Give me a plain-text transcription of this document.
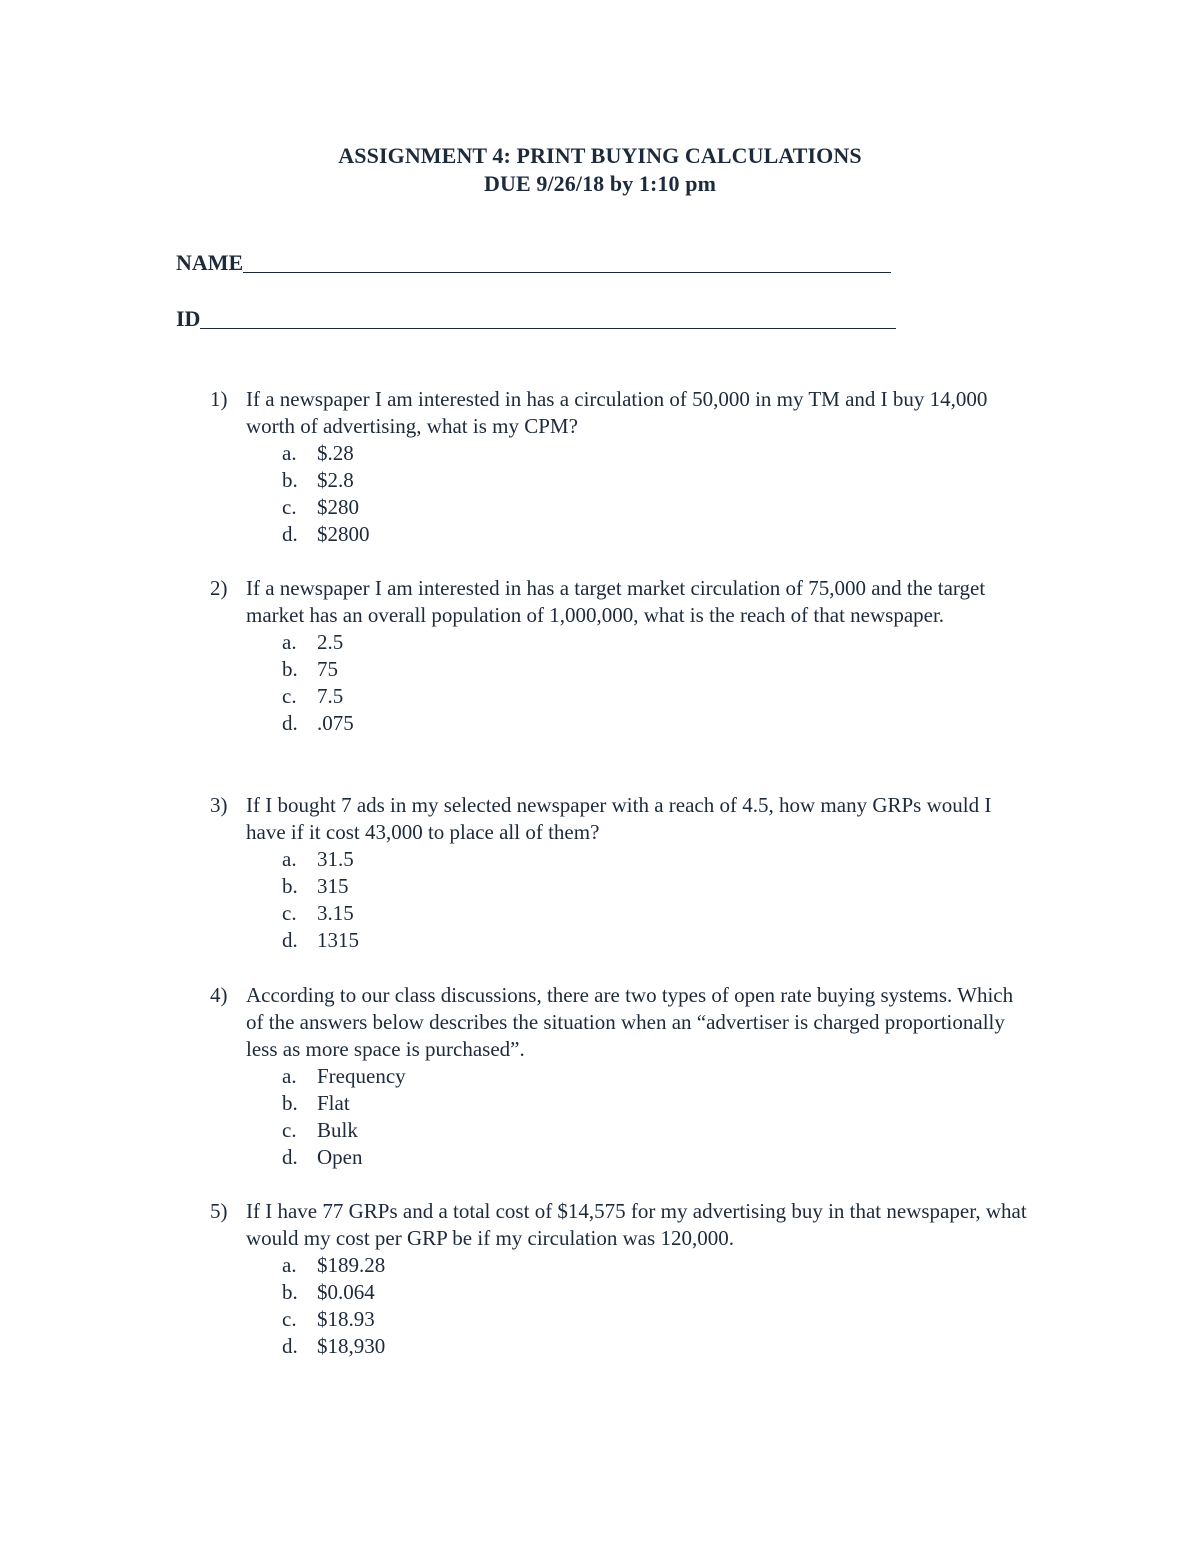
ASSIGNMENT 4: PRINT BUYING CALCULATIONS
DUE 9/26/18 by 1:10 pm
NAME
ID
1) If a newspaper I am interested in has a circulation of 50,000 in my TM and I buy 14,000 worth of advertising, what is my CPM?
a. $.28
b. $2.8
c. $280
d. $2800
2) If a newspaper I am interested in has a target market circulation of 75,000 and the target market has an overall population of 1,000,000, what is the reach of that newspaper.
a. 2.5
b. 75
c. 7.5
d. .075
3) If I bought 7 ads in my selected newspaper with a reach of 4.5, how many GRPs would I have if it cost 43,000 to place all of them?
a. 31.5
b. 315
c. 3.15
d. 1315
4) According to our class discussions, there are two types of open rate buying systems. Which of the answers below describes the situation when an “advertiser is charged proportionally less as more space is purchased”.
a. Frequency
b. Flat
c. Bulk
d. Open
5) If I have 77 GRPs and a total cost of $14,575 for my advertising buy in that newspaper, what would my cost per GRP be if my circulation was 120,000.
a. $189.28
b. $0.064
c. $18.93
d. $18,930
